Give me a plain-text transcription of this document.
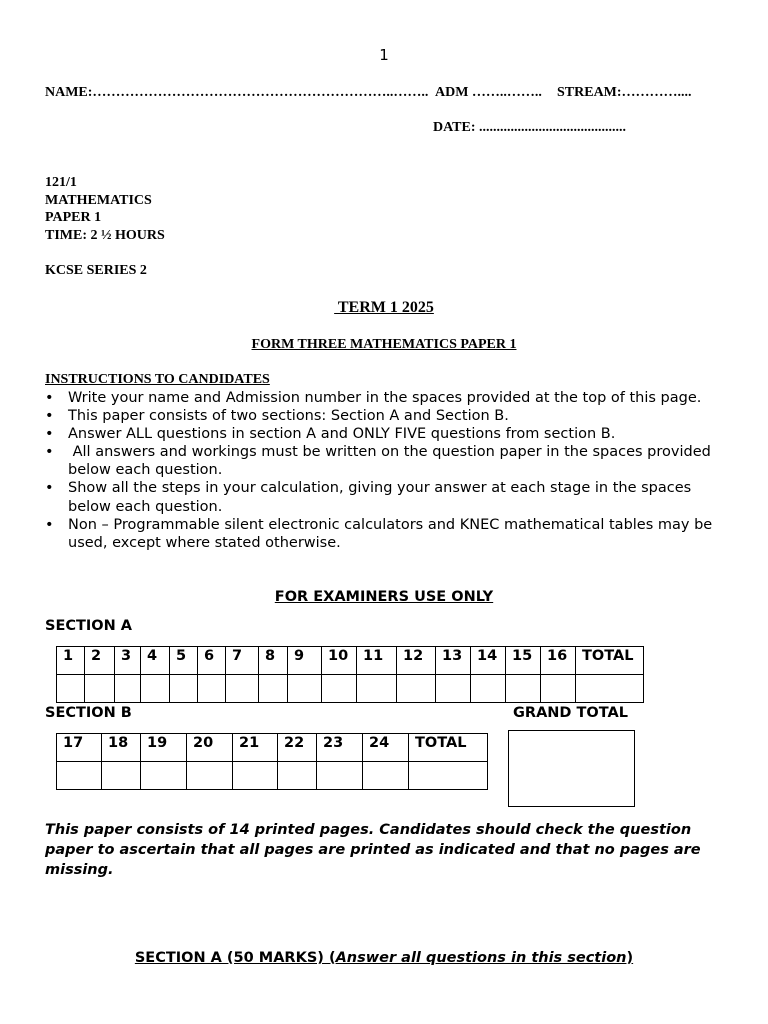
1
NAME:………………………………………………………..…….. ADM ……..…….. STREAM:…………....
DATE: ..........................................
121/1
MATHEMATICS
PAPER 1
TIME: 2 ½ HOURS
KCSE SERIES 2
TERM 1 2025
FORM THREE MATHEMATICS PAPER 1
INSTRUCTIONS TO CANDIDATES
• Write your name and Admission number in the spaces provided at the top of this page.
• This paper consists of two sections: Section A and Section B.
• Answer ALL questions in section A and ONLY FIVE questions from section B.
• All answers and workings must be written on the question paper in the spaces provided below each question.
• Show all the steps in your calculation, giving your answer at each stage in the spaces below each question.
• Non – Programmable silent electronic calculators and KNEC mathematical tables may be used, except where stated otherwise.
FOR EXAMINERS USE ONLY
SECTION A
1	2	3	4	5	6	7	8	9	10	11	12	13	14	15	16	TOTAL

SECTION B	GRAND TOTAL
17	18	19	20	21	22	23	24	TOTAL

This paper consists of 14 printed pages. Candidates should check the question paper to ascertain that all pages are printed as indicated and that no pages are missing.
SECTION A (50 MARKS) (Answer all questions in this section)
